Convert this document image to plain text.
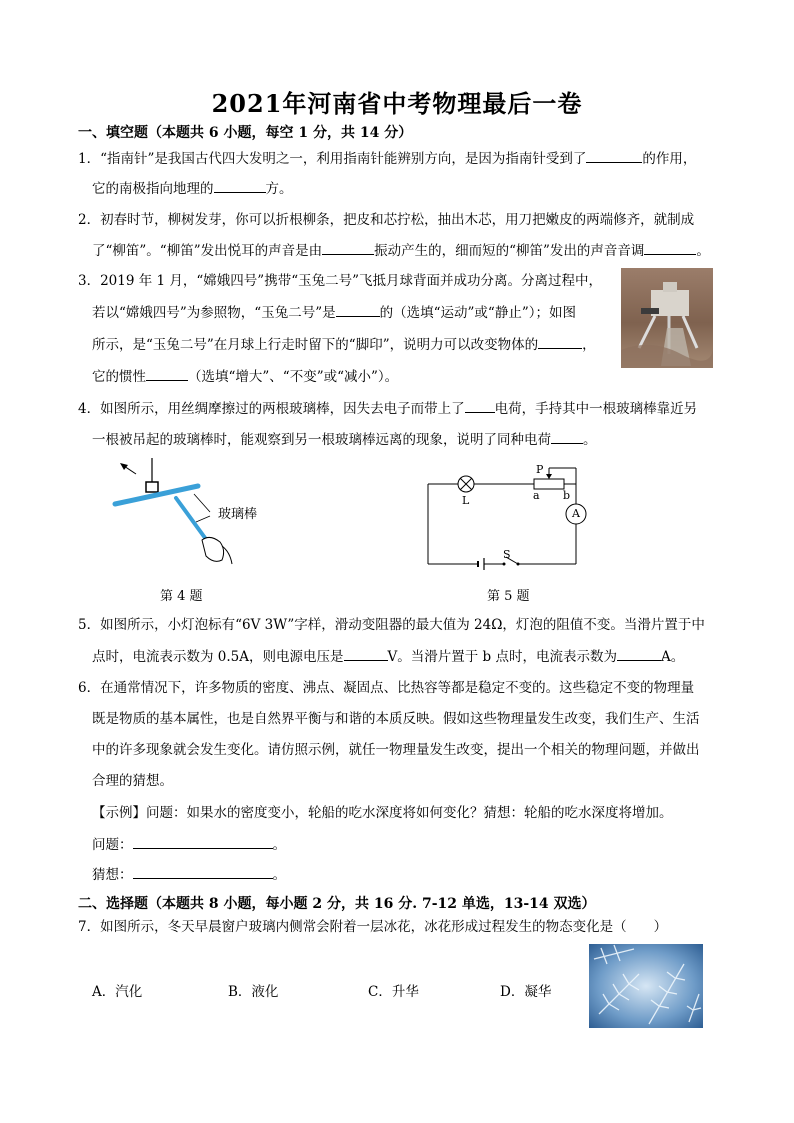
2021年河南省中考物理最后一卷
一、填空题（本题共 6 小题，每空 1 分，共 14 分）
1．“指南针”是我国古代四大发明之一，利用指南针能辨别方向，是因为指南针受到了	的作用，
它的南极指向地理的	方。
2．初春时节，柳树发芽，你可以折根柳条，把皮和芯拧松，抽出木芯，用刀把嫩皮的两端修齐，就制成
了“柳笛”。“柳笛”发出悦耳的声音是由	振动产生的，细而短的“柳笛”发出的声音音调	。
3．2019 年 1 月，“嫦娥四号”携带“玉兔二号”飞抵月球背面并成功分离。分离过程中，
若以“嫦娥四号”为参照物，“玉兔二号”是	的（选填“运动”或“静止”）；如图
所示，是“玉兔二号”在月球上行走时留下的“脚印”，说明力可以改变物体的	，
它的惯性	（选填“增大”、“不变”或“减小”）。
4．如图所示，用丝绸摩擦过的两根玻璃棒，因失去电子而带上了 电荷，手持其中一根玻璃棒靠近另
一根被吊起的玻璃棒时，能观察到另一根玻璃棒远离的现象，说明了同种电荷 。
玻璃棒
第 4 题
P
a b
L
A
S
第 5 题
5．如图所示，小灯泡标有“6V 3W”字样，滑动变阻器的最大值为 24Ω，灯泡的阻值不变。当滑片置于中
点时，电流表示数为 0.5A，则电源电压是	V。当滑片置于 b 点时，电流表示数为	A。
6．在通常情况下，许多物质的密度、沸点、凝固点、比热容等都是稳定不变的。这些稳定不变的物理量
既是物质的基本属性，也是自然界平衡与和谐的本质反映。假如这些物理量发生改变，我们生产、生活
中的许多现象就会发生变化。请仿照示例，就任一物理量发生改变，提出一个相关的物理问题，并做出
合理的猜想。
【示例】问题：如果水的密度变小，轮船的吃水深度将如何变化？猜想：轮船的吃水深度将增加。
问题：	。
猜想：	。
二、选择题（本题共 8 小题，每小题 2 分，共 16 分. 7-12 单选，13-14 双选）
7．如图所示，冬天早晨窗户玻璃内侧常会附着一层冰花，冰花形成过程发生的物态变化是（　　）
A．汽化	B．液化	C．升华	D．凝华
